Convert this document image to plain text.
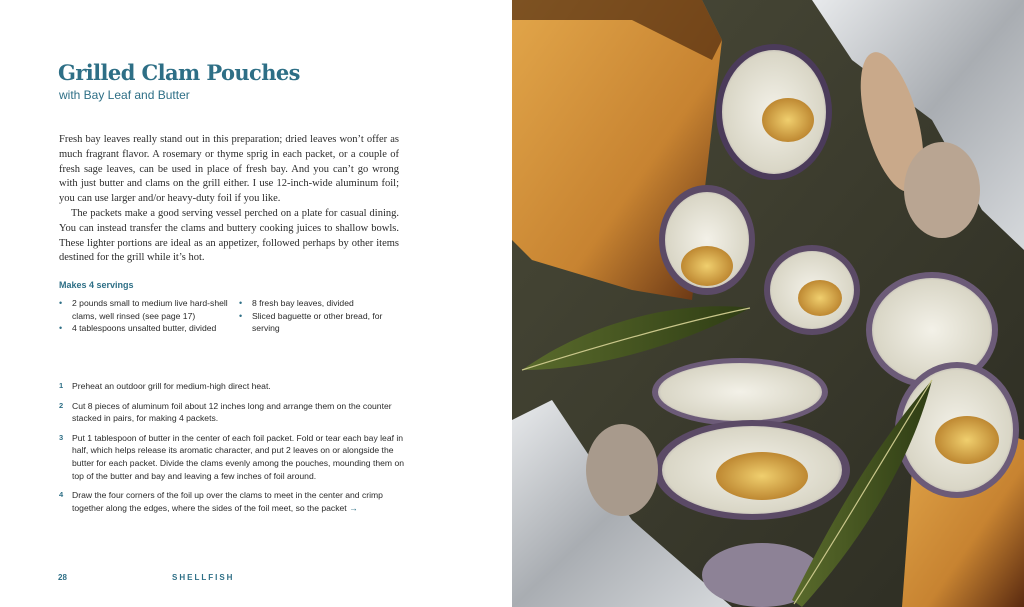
Grilled Clam Pouches
with Bay Leaf and Butter

Fresh bay leaves really stand out in this preparation; dried leaves won’t offer as much fragrant flavor. A rosemary or thyme sprig in each packet, or a couple of fresh sage leaves, can be used in place of fresh bay. And you can’t go wrong with just butter and clams on the grill either. I use 12-inch-wide aluminum foil; you can use larger and/or heavy-duty foil if you like.

The packets make a good serving vessel perched on a plate for casual dining. You can instead transfer the clams and buttery cooking juices to shallow bowls. These lighter portions are ideal as an appetizer, followed perhaps by other items destined for the grill while it’s hot.

Makes 4 servings
• 2 pounds small to medium live hard-shell clams, well rinsed (see page 17)
• 4 tablespoons unsalted butter, divided
• 8 fresh bay leaves, divided
• Sliced baguette or other bread, for serving
1 Preheat an outdoor grill for medium-high direct heat.
2 Cut 8 pieces of aluminum foil about 12 inches long and arrange them on the counter stacked in pairs, for making 4 packets.
3 Put 1 tablespoon of butter in the center of each foil packet. Fold or tear each bay leaf in half, which helps release its aromatic character, and put 2 leaves on or alongside the butter for each packet. Divide the clams evenly among the pouches, mounding them on top of the butter and bay and leaving a few inches of foil around.
4 Draw the four corners of the foil up over the clams to meet in the center and crimp together along the edges, where the sides of the foil meet, so the packet →
28	SHELLFISH
